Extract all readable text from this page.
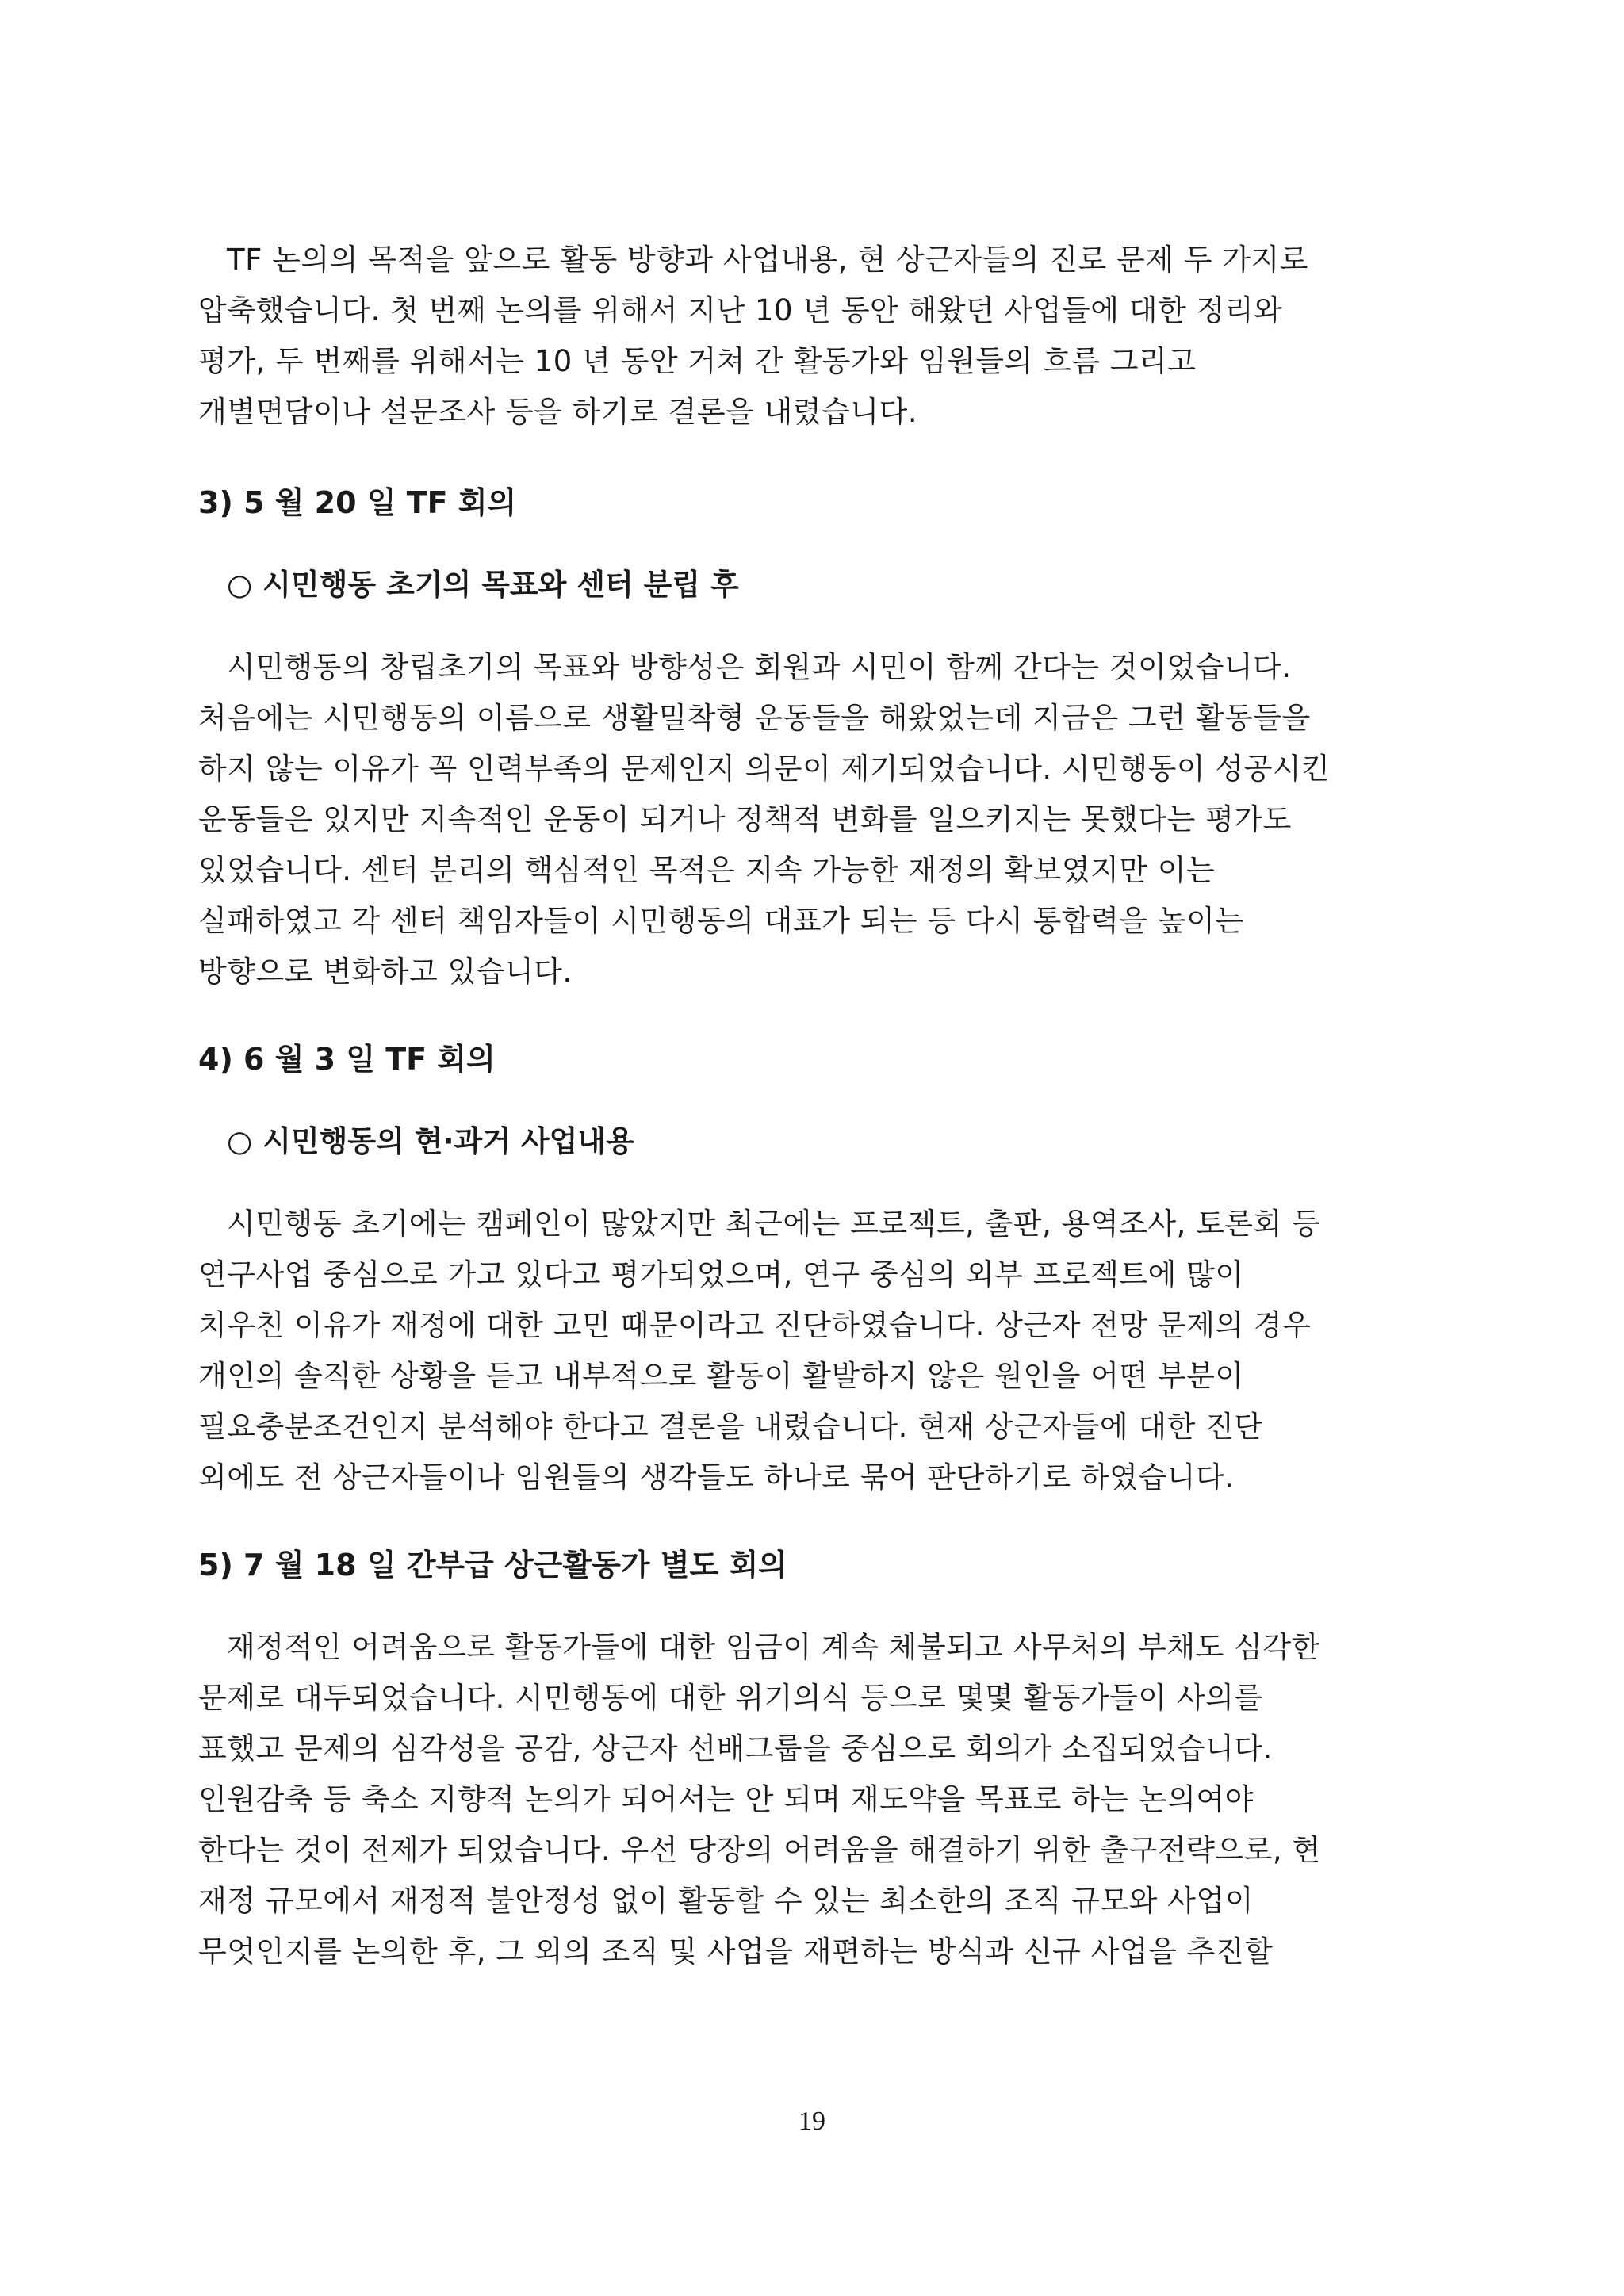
TF 논의의 목적을 앞으로 활동 방향과 사업내용, 현 상근자들의 진로 문제 두 가지로
압축했습니다. 첫 번째 논의를 위해서 지난 10 년 동안 해왔던 사업들에 대한 정리와
평가, 두 번째를 위해서는 10 년 동안 거쳐 간 활동가와 임원들의 흐름 그리고
개별면담이나 설문조사 등을 하기로 결론을 내렸습니다.

3) 5 월 20 일 TF 회의
○ 시민행동 초기의 목표와 센터 분립 후

시민행동의 창립초기의 목표와 방향성은 회원과 시민이 함께 간다는 것이었습니다.
처음에는 시민행동의 이름으로 생활밀착형 운동들을 해왔었는데 지금은 그런 활동들을
하지 않는 이유가 꼭 인력부족의 문제인지 의문이 제기되었습니다. 시민행동이 성공시킨
운동들은 있지만 지속적인 운동이 되거나 정책적 변화를 일으키지는 못했다는 평가도
있었습니다. 센터 분리의 핵심적인 목적은 지속 가능한 재정의 확보였지만 이는
실패하였고 각 센터 책임자들이 시민행동의 대표가 되는 등 다시 통합력을 높이는
방향으로 변화하고 있습니다.

4) 6 월 3 일 TF 회의
○ 시민행동의 현·과거 사업내용

시민행동 초기에는 캠페인이 많았지만 최근에는 프로젝트, 출판, 용역조사, 토론회 등
연구사업 중심으로 가고 있다고 평가되었으며, 연구 중심의 외부 프로젝트에 많이
치우친 이유가 재정에 대한 고민 때문이라고 진단하였습니다. 상근자 전망 문제의 경우
개인의 솔직한 상황을 듣고 내부적으로 활동이 활발하지 않은 원인을 어떤 부분이
필요충분조건인지 분석해야 한다고 결론을 내렸습니다. 현재 상근자들에 대한 진단
외에도 전 상근자들이나 임원들의 생각들도 하나로 묶어 판단하기로 하였습니다.

5) 7 월 18 일 간부급 상근활동가 별도 회의

재정적인 어려움으로 활동가들에 대한 임금이 계속 체불되고 사무처의 부채도 심각한
문제로 대두되었습니다. 시민행동에 대한 위기의식 등으로 몇몇 활동가들이 사의를
표했고 문제의 심각성을 공감, 상근자 선배그룹을 중심으로 회의가 소집되었습니다.
인원감축 등 축소 지향적 논의가 되어서는 안 되며 재도약을 목표로 하는 논의여야
한다는 것이 전제가 되었습니다. 우선 당장의 어려움을 해결하기 위한 출구전략으로, 현
재정 규모에서 재정적 불안정성 없이 활동할 수 있는 최소한의 조직 규모와 사업이
무엇인지를 논의한 후, 그 외의 조직 및 사업을 재편하는 방식과 신규 사업을 추진할

19
